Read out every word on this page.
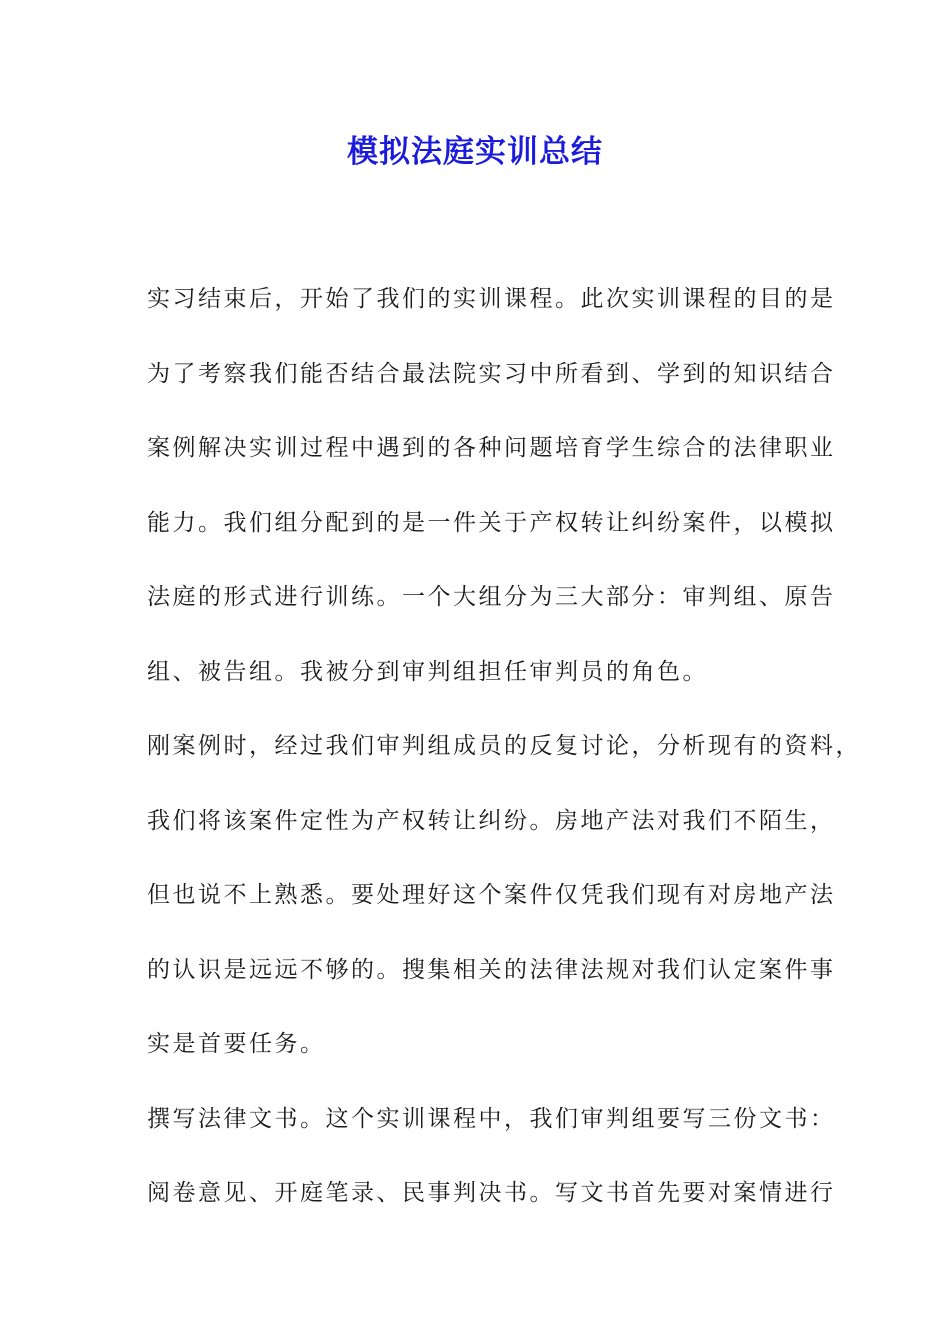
模拟法庭实训总结
实习结束后，开始了我们的实训课程。此次实训课程的目的是
为了考察我们能否结合最法院实习中所看到、学到的知识结合
案例解决实训过程中遇到的各种问题培育学生综合的法律职业
能力。我们组分配到的是一件关于产权转让纠纷案件，以模拟
法庭的形式进行训练。一个大组分为三大部分：审判组、原告
组、被告组。我被分到审判组担任审判员的角色。
刚案例时，经过我们审判组成员的反复讨论，分析现有的资料，
我们将该案件定性为产权转让纠纷。房地产法对我们不陌生，
但也说不上熟悉。要处理好这个案件仅凭我们现有对房地产法
的认识是远远不够的。搜集相关的法律法规对我们认定案件事
实是首要任务。
撰写法律文书。这个实训课程中，我们审判组要写三份文书：
阅卷意见、开庭笔录、民事判决书。写文书首先要对案情进行
